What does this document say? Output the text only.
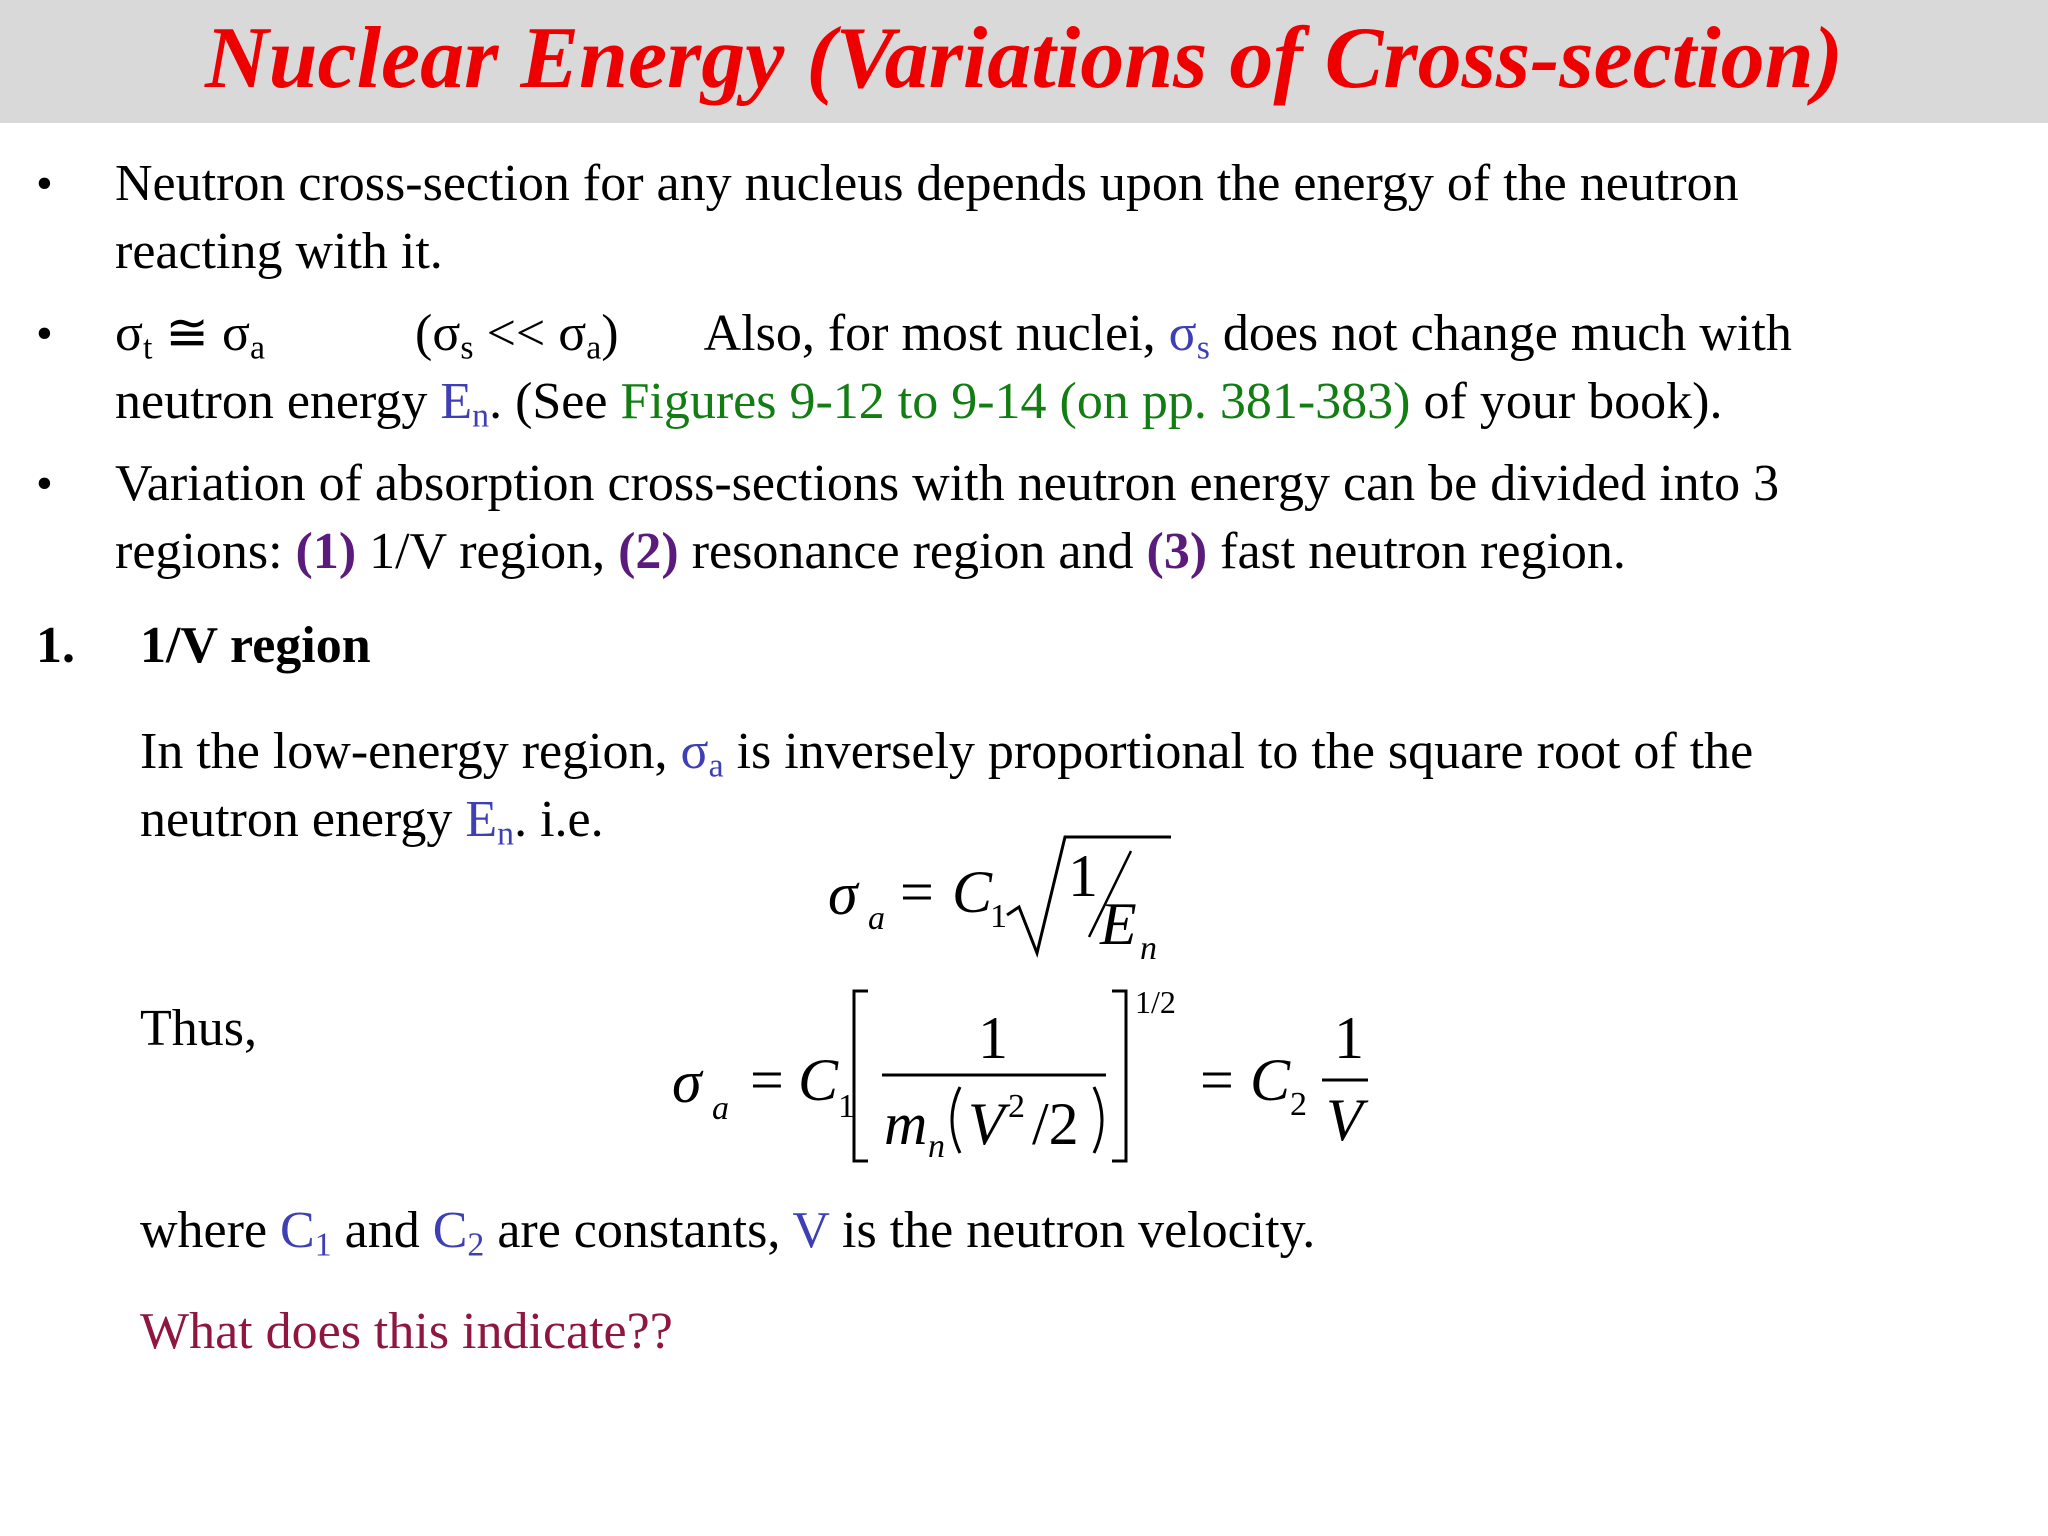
Nuclear Energy (Variations of Cross-section)
• Neutron cross-section for any nucleus depends upon the energy of the neutron
reacting with it.
• $\sigma_t$ ≅ $\sigma_a$	$(\sigma_s << \sigma_a)$ Also, for most nuclei, $\sigma_s$ does not change much with
neutron energy $E_n$. (See Figures 9-12 to 9-14 (on pp. 381-383) of your book).
• Variation of absorption cross-sections with neutron energy can be divided into 3
regions: (1) 1/V region, (2) resonance region and (3) fast neutron region.
1. 1/V region
In the low-energy region, $\sigma_a$ is inversely proportional to the square root of the
neutron energy $E_n$. i.e.
σ a = C
1
1
E n
Thus,
σ a = C 1
1
m n V 2 /2
1/2
= C 2
1
V
where $C_1$ and $C_2$ are constants, V is the neutron velocity.
What does this indicate??
